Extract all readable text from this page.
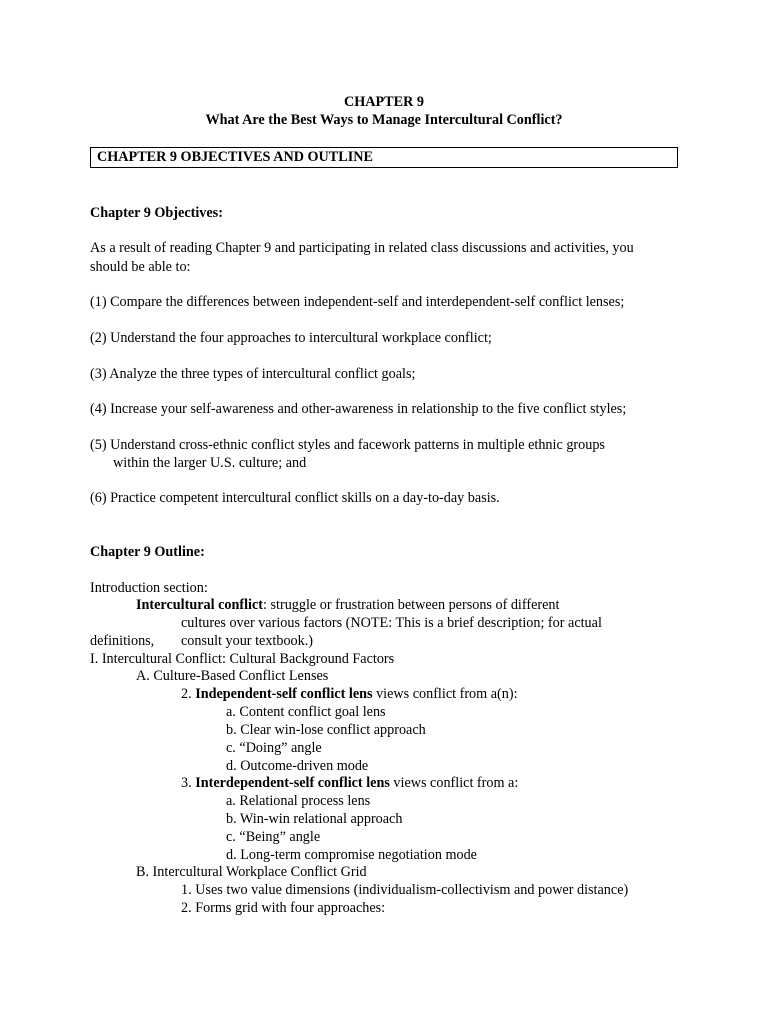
CHAPTER 9
What Are the Best Ways to Manage Intercultural Conflict?
CHAPTER 9 OBJECTIVES AND OUTLINE
Chapter 9 Objectives:
As a result of reading Chapter 9 and participating in related class discussions and activities, you
should be able to:
(1) Compare the differences between independent-self and interdependent-self conflict lenses;
(2) Understand the four approaches to intercultural workplace conflict;
(3) Analyze the three types of intercultural conflict goals;
(4) Increase your self-awareness and other-awareness in relationship to the five conflict styles;
(5) Understand cross-ethnic conflict styles and facework patterns in multiple ethnic groups
within the larger U.S. culture; and
(6) Practice competent intercultural conflict skills on a day-to-day basis.
Chapter 9 Outline:
Introduction section:
Intercultural conflict: struggle or frustration between persons of different
cultures over various factors (NOTE: This is a brief description; for actual
definitions, consult your textbook.)
I. Intercultural Conflict: Cultural Background Factors
A. Culture-Based Conflict Lenses
2. Independent-self conflict lens views conflict from a(n):
a. Content conflict goal lens
b. Clear win-lose conflict approach
c. “Doing” angle
d. Outcome-driven mode
3. Interdependent-self conflict lens views conflict from a:
a. Relational process lens
b. Win-win relational approach
c. “Being” angle
d. Long-term compromise negotiation mode
B. Intercultural Workplace Conflict Grid
1. Uses two value dimensions (individualism-collectivism and power distance)
2. Forms grid with four approaches:
